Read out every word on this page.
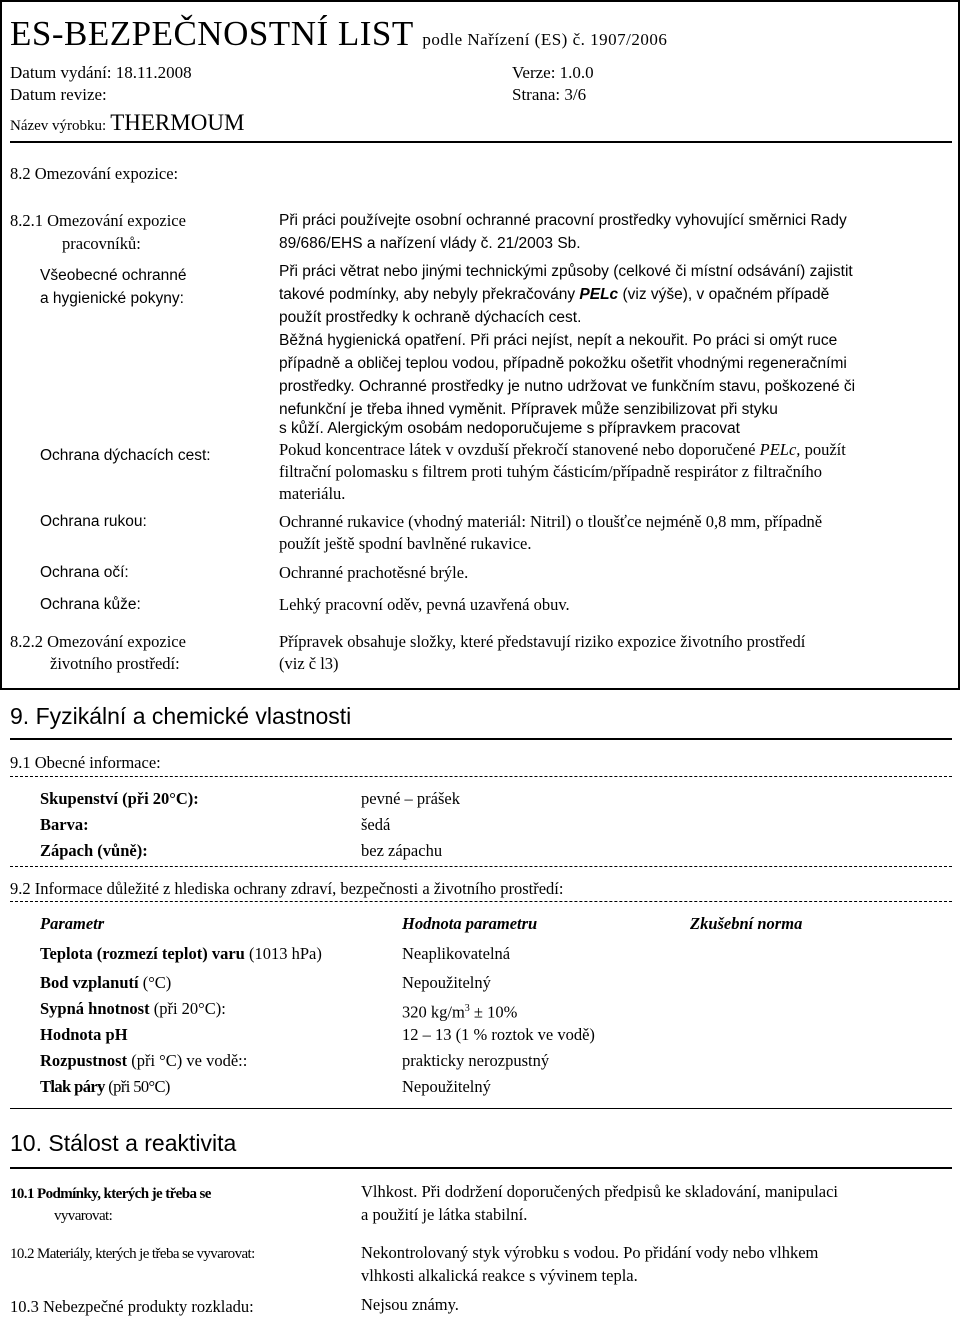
ES-BEZPEČNOSTNÍ LIST podle Nařízení (ES) č. 1907/2006
Datum vydání: 18.11.2008	Verze: 1.0.0
Datum revize:	Strana: 3/6
Název výrobku: THERMOUM
8.2 Omezování expozice:
8.2.1 Omezování expozice
pracovníků:
Při práci používejte osobní ochranné pracovní prostředky vyhovující směrnici Rady
89/686/EHS a nařízení vlády č. 21/2003 Sb.
Všeobecné ochranné
a hygienické pokyny:
Při práci větrat nebo jinými technickými způsoby (celkové či místní odsávání) zajistit
takové podmínky, aby nebyly překračovány PELc (viz výše), v opačném případě
použít prostředky k ochraně dýchacích cest.
Běžná hygienická opatření. Při práci nejíst, nepít a nekouřit. Po práci si omýt ruce
případně a obličej teplou vodou, případně pokožku ošetřit vhodnými regeneračními
prostředky. Ochranné prostředky je nutno udržovat ve funkčním stavu, poškozené či
nefunkční je třeba ihned vyměnit. Přípravek může senzibilizovat při styku
s kůží. Alergickým osobám nedoporučujeme s přípravkem pracovat
Ochrana dýchacích cest:	Pokud koncentrace látek v ovzduší překročí stanovené nebo doporučené PELc, použít
filtrační polomasku s filtrem proti tuhým částicím/případně respirátor z filtračního
materiálu.
Ochrana rukou:	Ochranné rukavice (vhodný materiál: Nitril) o tloušťce nejméně 0,8 mm, případně
použít ještě spodní bavlněné rukavice.
Ochrana očí:	Ochranné prachotěsné brýle.
Ochrana kůže:	Lehký pracovní oděv, pevná uzavřená obuv.
8.2.2 Omezování expozice
životního prostředí:
Přípravek obsahuje složky, které představují riziko expozice životního prostředí
(viz č l3)
9. Fyzikální a chemické vlastnosti
9.1 Obecné informace:
Skupenství (při 20°C):	pevné – prášek
Barva:	šedá
Zápach (vůně):	bez zápachu
9.2 Informace důležité z hlediska ochrany zdraví, bezpečnosti a životního prostředí:
Parametr	Hodnota parametru	Zkušební norma
Teplota (rozmezí teplot) varu (1013 hPa)	Neaplikovatelná
Bod vzplanutí (°C)	Nepoužitelný
Sypná hnotnost (při 20°C):	320 $kg/m^3 \pm 10\%$
Hodnota pH	12 – 13 (1 % roztok ve vodě)
Rozpustnost (při °C) ve vodě::	prakticky nerozpustný
Tlak páry (při 50°C)	Nepoužitelný
10. Stálost a reaktivita
10.1 Podmínky, kterých je třeba se
vyvarovat:
Vlhkost. Při dodržení doporučených předpisů ke skladování, manipulaci
a použití je látka stabilní.
10.2 Materiály, kterých je třeba se vyvarovat:	Nekontrolovaný styk výrobku s vodou. Po přidání vody nebo vlhkem
vlhkosti alkalická reakce s vývinem tepla.
10.3 Nebezpečné produkty rozkladu:	Nejsou známy.
